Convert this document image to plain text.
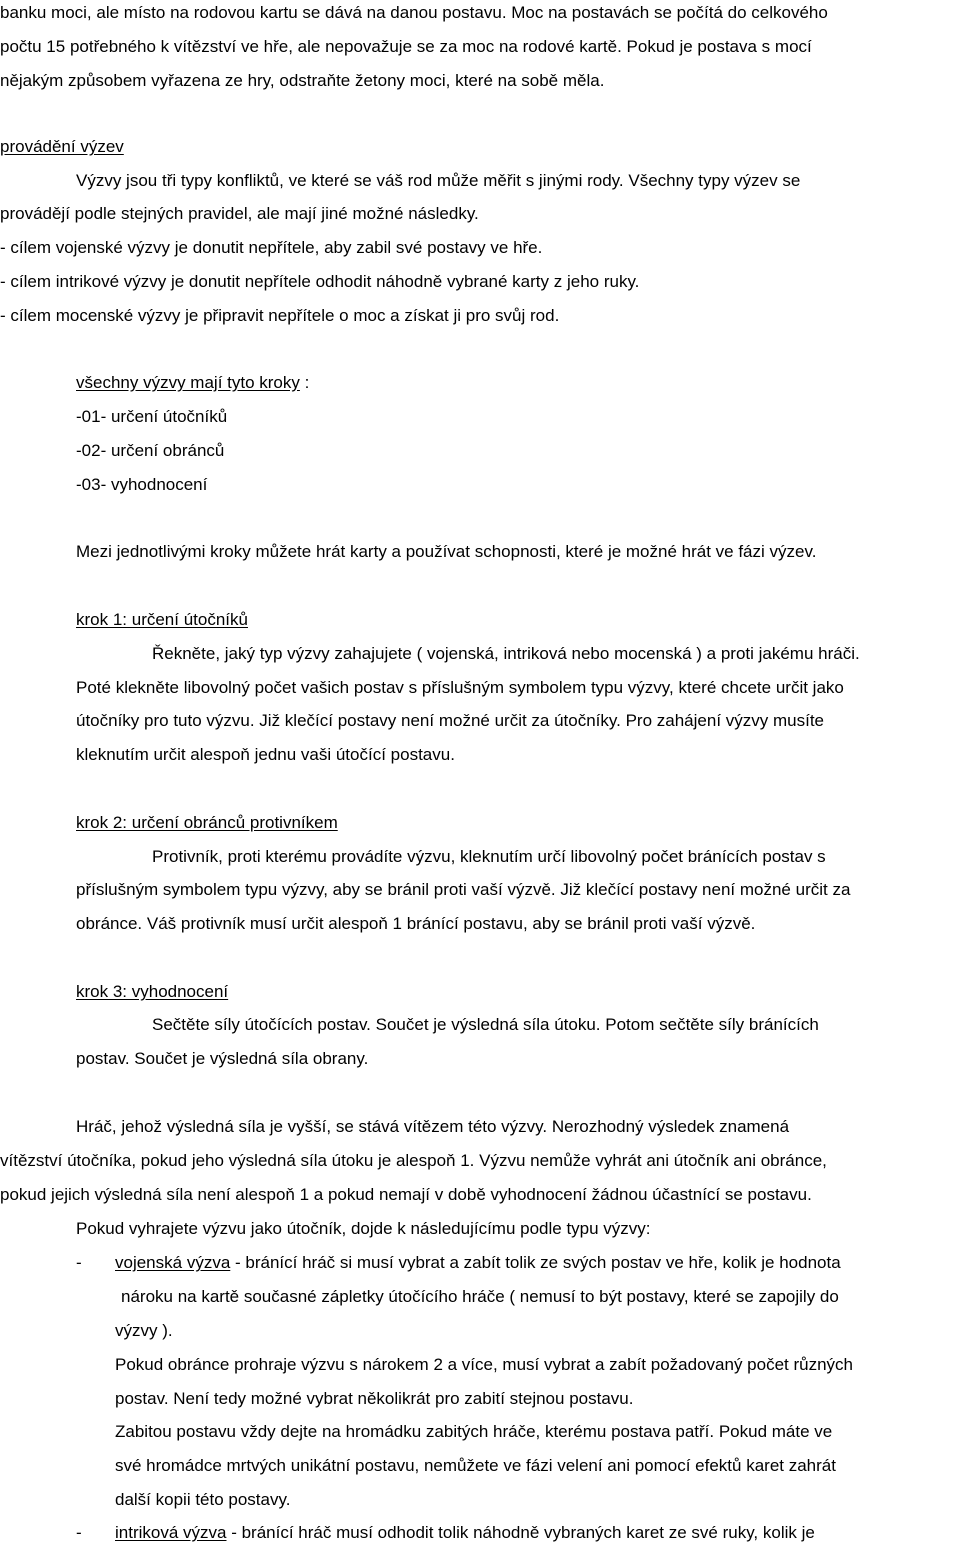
banku moci, ale místo na rodovou kartu se dává na danou postavu. Moc na postavách se počítá do celkového
počtu 15 potřebného k vítězství ve hře, ale nepovažuje se za moc na rodové kartě. Pokud je postava s mocí
nějakým způsobem vyřazena ze hry, odstraňte žetony moci, které na sobě měla.
provádění výzev
Výzvy jsou tři typy konfliktů, ve které se váš rod může měřit s jinými rody. Všechny typy výzev se
provádějí podle stejných pravidel, ale mají jiné možné následky.
- cílem vojenské výzvy je donutit nepřítele, aby zabil své postavy ve hře.
- cílem intrikové výzvy je donutit nepřítele odhodit náhodně vybrané karty z jeho ruky.
- cílem mocenské výzvy je připravit nepřítele o moc a získat ji pro svůj rod.
všechny výzvy mají tyto kroky :
-01- určení útočníků
-02- určení obránců
-03- vyhodnocení
Mezi jednotlivými kroky můžete hrát karty a používat schopnosti, které je možné hrát ve fázi výzev.
krok 1: určení útočníků
Řekněte, jaký typ výzvy zahajujete ( vojenská, intriková nebo mocenská ) a proti jakému hráči.
Poté klekněte libovolný počet vašich postav s příslušným symbolem typu výzvy, které chcete určit jako
útočníky pro tuto výzvu. Již klečící postavy není možné určit za útočníky. Pro zahájení výzvy musíte
kleknutím určit alespoň jednu vaši útočící postavu.
krok 2: určení obránců protivníkem
Protivník, proti kterému provádíte výzvu, kleknutím určí libovolný počet bránících postav s
příslušným symbolem typu výzvy, aby se bránil proti vaší výzvě. Již klečící postavy není možné určit za
obránce. Váš protivník musí určit alespoň 1 bránící postavu, aby se bránil proti vaší výzvě.
krok 3: vyhodnocení
Sečtěte síly útočících postav. Součet je výsledná síla útoku. Potom sečtěte síly bránících
postav. Součet je výsledná síla obrany.
Hráč, jehož výsledná síla je vyšší, se stává vítězem této výzvy. Nerozhodný výsledek znamená
vítězství útočníka, pokud jeho výsledná síla útoku je alespoň 1. Výzvu nemůže vyhrát ani útočník ani obránce,
pokud jejich výsledná síla není alespoň 1 a pokud nemají v době vyhodnocení žádnou účastnící se postavu.
Pokud vyhrajete výzvu jako útočník, dojde k následujícímu podle typu výzvy:
- vojenská výzva - bránící hráč si musí vybrat a zabít tolik ze svých postav ve hře, kolik je hodnota
nároku na kartě současné zápletky útočícího hráče ( nemusí to být postavy, které se zapojily do
výzvy ).
Pokud obránce prohraje výzvu s nárokem 2 a více, musí vybrat a zabít požadovaný počet různých
postav. Není tedy možné vybrat několikrát pro zabití stejnou postavu.
Zabitou postavu vždy dejte na hromádku zabitých hráče, kterému postava patří. Pokud máte ve
své hromádce mrtvých unikátní postavu, nemůžete ve fázi velení ani pomocí efektů karet zahrát
další kopii této postavy.
- intriková výzva - bránící hráč musí odhodit tolik náhodně vybraných karet ze své ruky, kolik je
